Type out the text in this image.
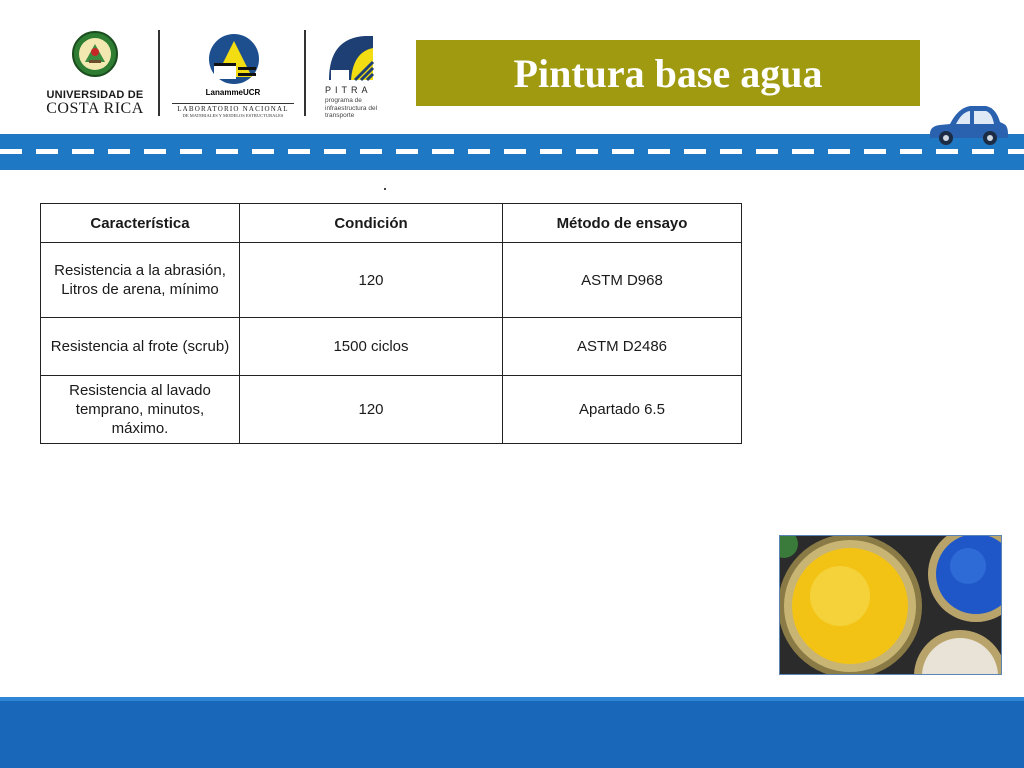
UNIVERSIDAD DE
COSTA RICA
LanammeUCR
LABORATORIO NACIONAL
DE MATERIALES Y MODELOS ESTRUCTURALES
PITRA
programa de infraestructura del transporte
Pintura base agua
Característica	Condición	Método de ensayo
Resistencia a la abrasión, Litros de arena, mínimo	120	ASTM D968
Resistencia al frote (scrub)	1500 ciclos	ASTM D2486
Resistencia al lavado temprano, minutos, máximo.	120	Apartado 6.5
